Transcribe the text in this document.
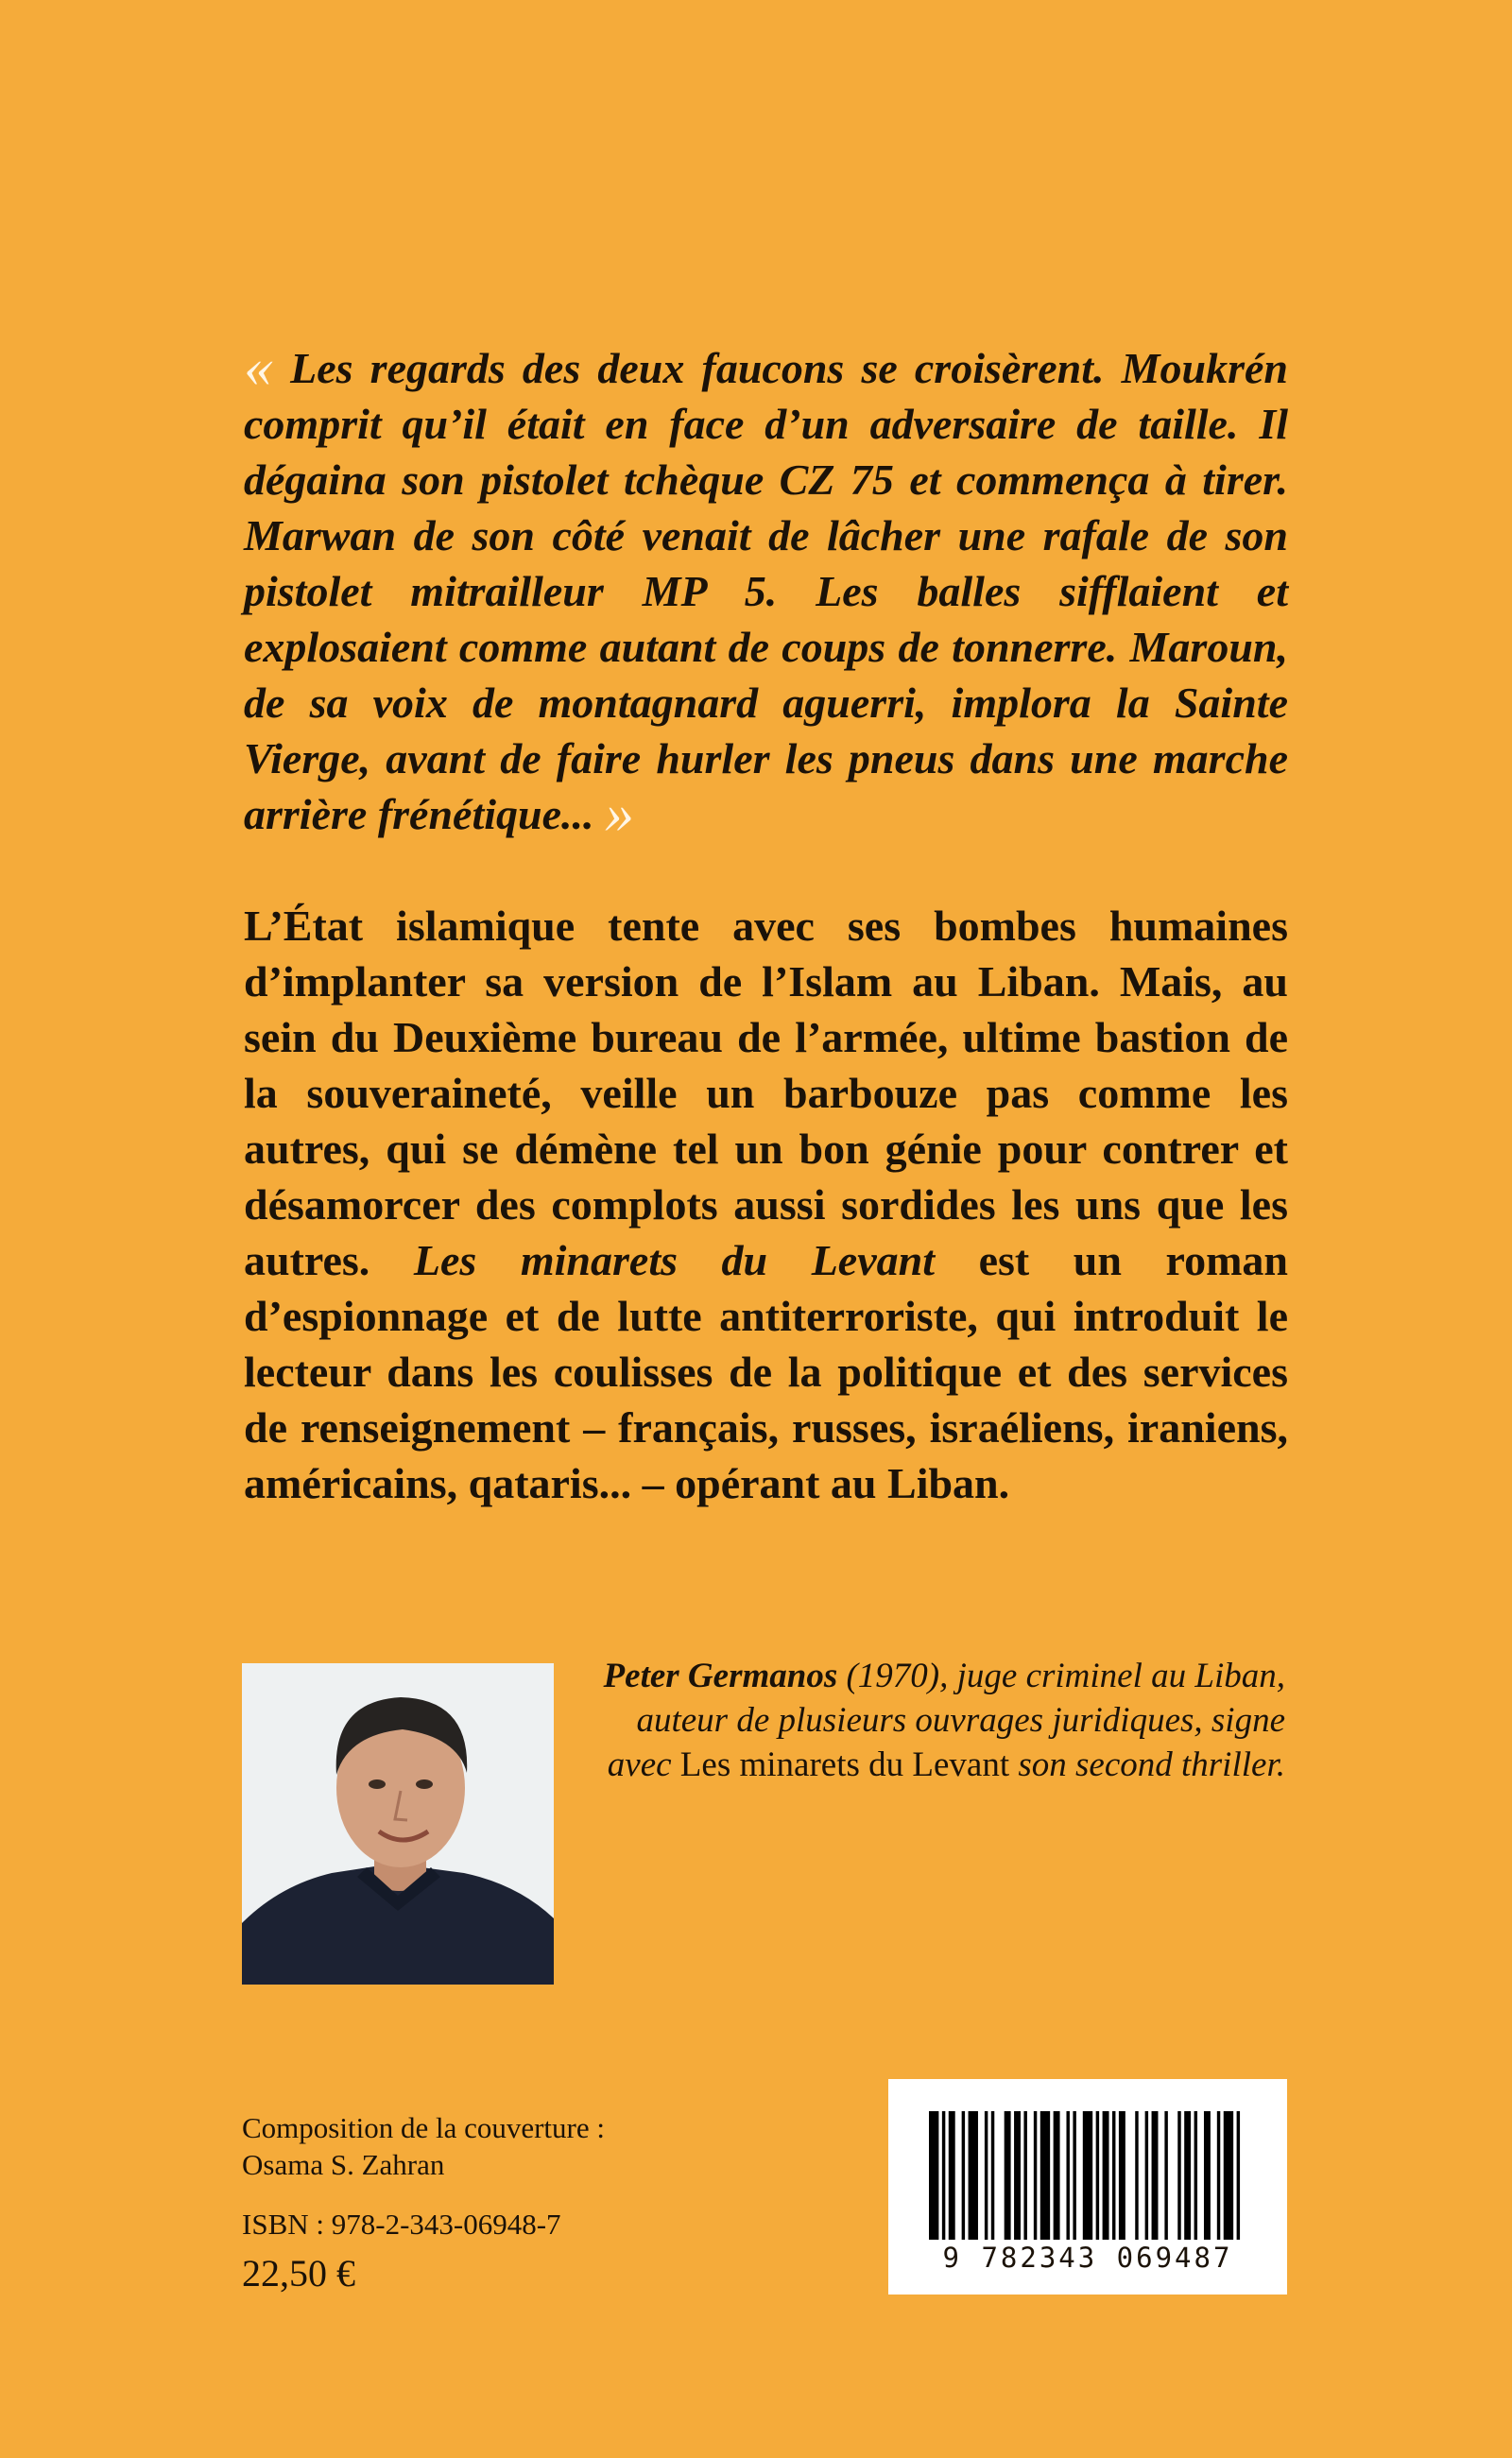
« Les regards des deux faucons se croisèrent. Moukrén comprit qu’il était en face d’un adversaire de taille. Il dégaina son pistolet tchèque CZ 75 et commença à tirer. Marwan de son côté venait de lâcher une rafale de son pistolet mitrailleur MP 5. Les balles sifflaient et explosaient comme autant de coups de tonnerre. Maroun, de sa voix de montagnard aguerri, implora la Sainte Vierge, avant de faire hurler les pneus dans une marche arrière frénétique... »

L’État islamique tente avec ses bombes humaines d’implanter sa version de l’Islam au Liban. Mais, au sein du Deuxième bureau de l’armée, ultime bastion de la souveraineté, veille un barbouze pas comme les autres, qui se démène tel un bon génie pour contrer et désamorcer des complots aussi sordides les uns que les autres. Les minarets du Levant est un roman d’espionnage et de lutte antiterroriste, qui introduit le lecteur dans les coulisses de la politique et des services de renseignement – français, russes, israéliens, iraniens, américains, qataris... – opérant au Liban.

Peter Germanos (1970), juge criminel au Liban, auteur de plusieurs ouvrages juridiques, signe avec Les minarets du Levant son second thriller.

Composition de la couverture :
Osama S. Zahran
ISBN : 978-2-343-06948-7
22,50 €	9 782343 069487
